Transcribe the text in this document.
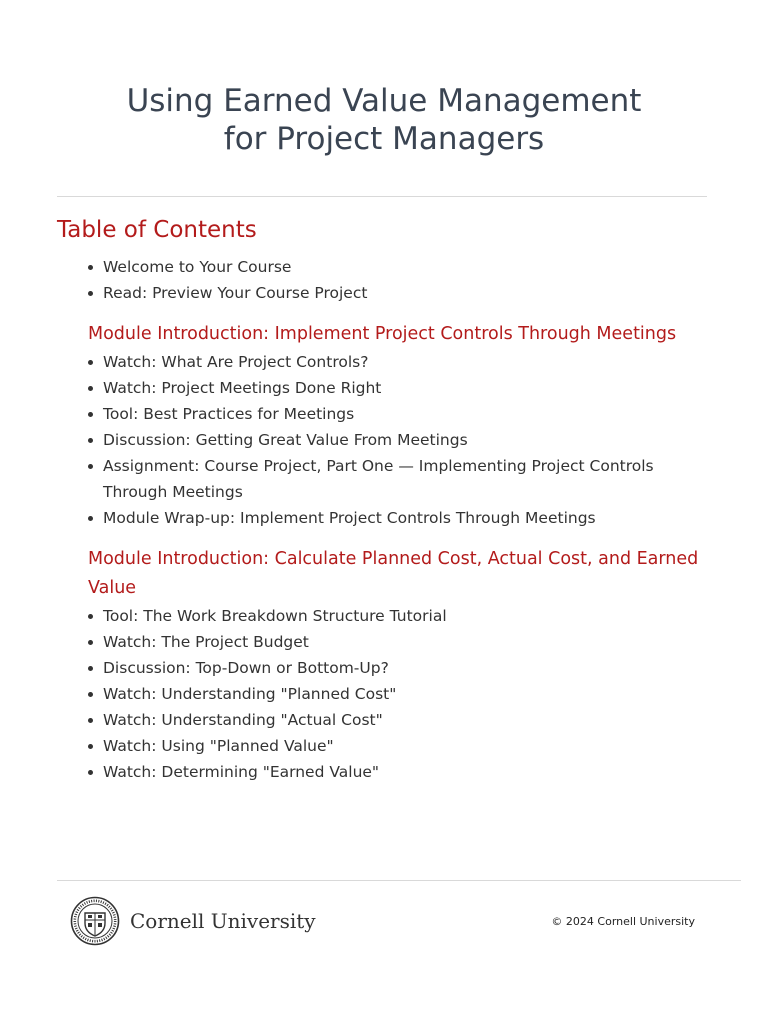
Using Earned Value Management
for Project Managers
Table of Contents
Welcome to Your Course
Read: Preview Your Course Project
Module Introduction: Implement Project Controls Through Meetings
Watch: What Are Project Controls?
Watch: Project Meetings Done Right
Tool: Best Practices for Meetings
Discussion: Getting Great Value From Meetings
Assignment: Course Project, Part One — Implementing Project Controls Through Meetings
Module Wrap-up: Implement Project Controls Through Meetings
Module Introduction: Calculate Planned Cost, Actual Cost, and Earned Value
Tool: The Work Breakdown Structure Tutorial
Watch: The Project Budget
Discussion: Top-Down or Bottom-Up?
Watch: Understanding "Planned Cost"
Watch: Understanding "Actual Cost"
Watch: Using "Planned Value"
Watch: Determining "Earned Value"
Cornell University	© 2024 Cornell University
